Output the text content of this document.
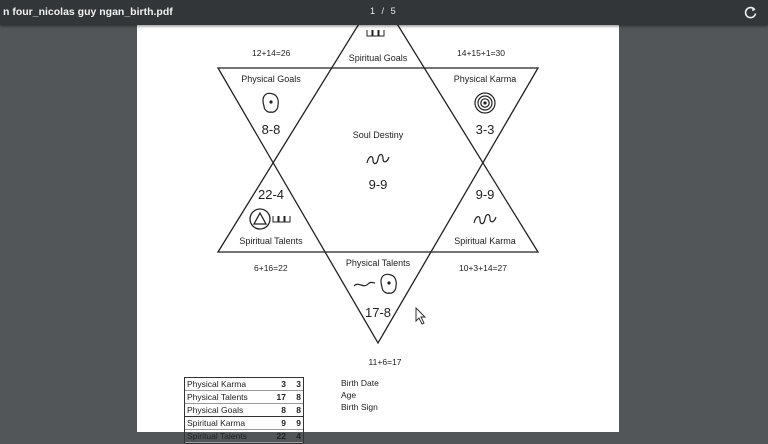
n four_nicolas guy ngan_birth.pdf	1 / 5
12+14=26	14+15+1=30
Spiritual Goals
Physical Goals
8-8
Physical Karma
3-3
Soul Destiny
9-9
22-4
Spiritual Talents
9-9
Spiritual Karma
6+16=22	10+3+14=27
Physical Talents
17-8
11+6=17
Physical Karma	3	3
Physical Talents	17	8
Physical Goals	8	8
Spiritual Karma	9	9
Spiritual Talents	22	4
Birth Date
Age
Birth Sign
